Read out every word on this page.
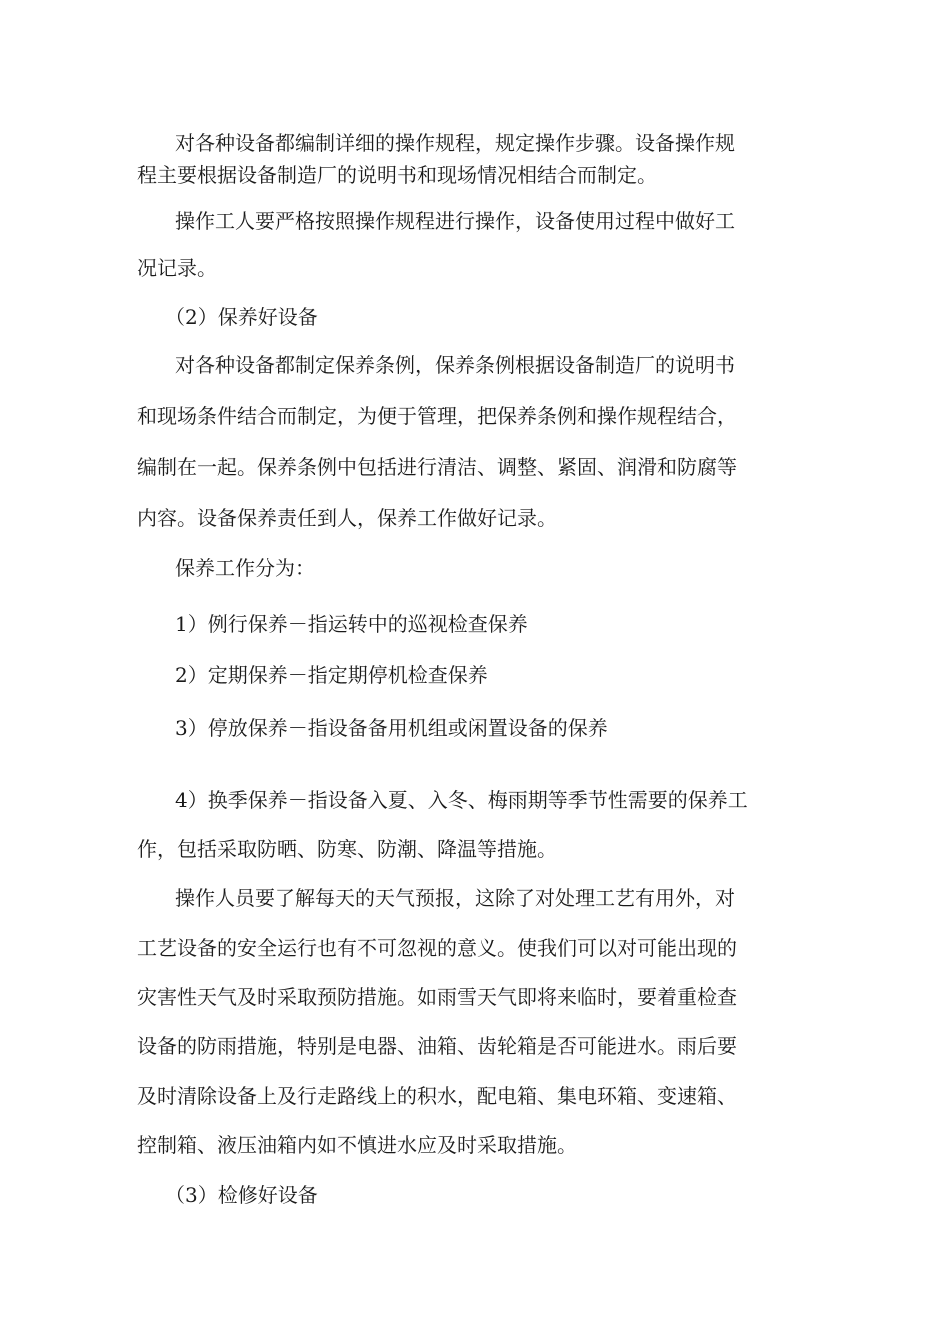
对各种设备都编制详细的操作规程，规定操作步骤。设备操作规
程主要根据设备制造厂的说明书和现场情况相结合而制定。
操作工人要严格按照操作规程进行操作，设备使用过程中做好工
况记录。
（2）保养好设备
对各种设备都制定保养条例，保养条例根据设备制造厂的说明书
和现场条件结合而制定，为便于管理，把保养条例和操作规程结合，
编制在一起。保养条例中包括进行清洁、调整、紧固、润滑和防腐等
内容。设备保养责任到人，保养工作做好记录。
保养工作分为：
1）例行保养－指运转中的巡视检查保养
2）定期保养－指定期停机检查保养
3）停放保养－指设备备用机组或闲置设备的保养
4）换季保养－指设备入夏、入冬、梅雨期等季节性需要的保养工
作，包括采取防晒、防寒、防潮、降温等措施。
操作人员要了解每天的天气预报，这除了对处理工艺有用外，对
工艺设备的安全运行也有不可忽视的意义。使我们可以对可能出现的
灾害性天气及时采取预防措施。如雨雪天气即将来临时，要着重检查
设备的防雨措施，特别是电器、油箱、齿轮箱是否可能进水。雨后要
及时清除设备上及行走路线上的积水，配电箱、集电环箱、变速箱、
控制箱、液压油箱内如不慎进水应及时采取措施。
（3）检修好设备
